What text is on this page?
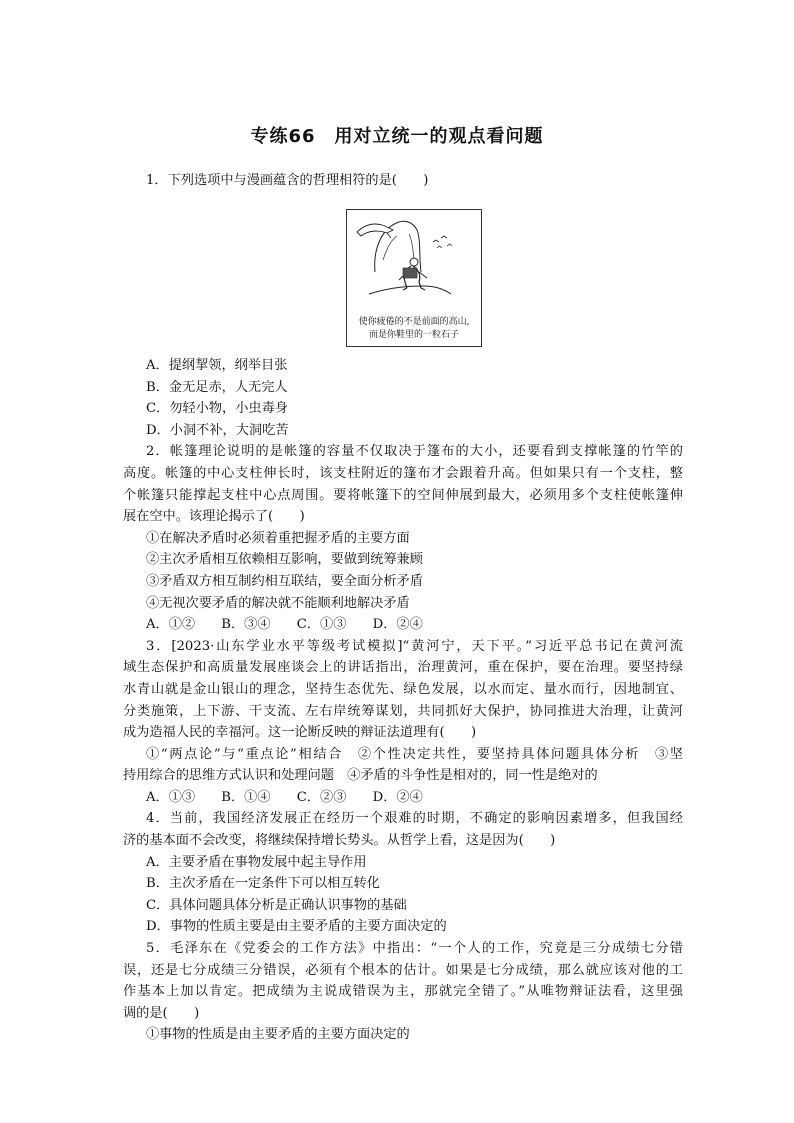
专练66　用对立统一的观点看问题
1．下列选项中与漫画蕴含的哲理相符的是(　　)
使你疲倦的不是前面的高山,
而是你鞋里的一粒石子
A．提纲挈领，纲举目张
B．金无足赤，人无完人
C．勿轻小物，小虫毒身
D．小洞不补，大洞吃苦
2．帐篷理论说明的是帐篷的容量不仅取决于篷布的大小，还要看到支撑帐篷的竹竿的
高度。帐篷的中心支柱伸长时，该支柱附近的篷布才会跟着升高。但如果只有一个支柱，整
个帐篷只能撑起支柱中心点周围。要将帐篷下的空间伸展到最大，必须用多个支柱使帐篷伸
展在空中。该理论揭示了(　　)
①在解决矛盾时必须着重把握矛盾的主要方面
②主次矛盾相互依赖相互影响，要做到统筹兼顾
③矛盾双方相互制约相互联结，要全面分析矛盾
④无视次要矛盾的解决就不能顺利地解决矛盾
A．①② B．③④ C．①③ D．②④
3．[2023·山东学业水平等级考试模拟]“黄河宁，天下平。”习近平总书记在黄河流
域生态保护和高质量发展座谈会上的讲话指出，治理黄河，重在保护，要在治理。要坚持绿
水青山就是金山银山的理念，坚持生态优先、绿色发展，以水而定、量水而行，因地制宜、
分类施策，上下游、干支流、左右岸统筹谋划，共同抓好大保护，协同推进大治理，让黄河
成为造福人民的幸福河。这一论断反映的辩证法道理有(　　)
①“两点论”与“重点论”相结合　②个性决定共性，要坚持具体问题具体分析　③坚
持用综合的思维方式认识和处理问题　④矛盾的斗争性是相对的，同一性是绝对的
A．①③ B．①④ C．②③ D．②④
4．当前，我国经济发展正在经历一个艰难的时期，不确定的影响因素增多，但我国经
济的基本面不会改变，将继续保持增长势头。从哲学上看，这是因为(　　)
A．主要矛盾在事物发展中起主导作用
B．主次矛盾在一定条件下可以相互转化
C．具体问题具体分析是正确认识事物的基础
D．事物的性质主要是由主要矛盾的主要方面决定的
5．毛泽东在《党委会的工作方法》中指出：“一个人的工作，究竟是三分成绩七分错
误，还是七分成绩三分错误，必须有个根本的估计。如果是七分成绩，那么就应该对他的工
作基本上加以肯定。把成绩为主说成错误为主，那就完全错了。”从唯物辩证法看，这里强
调的是(　　)
①事物的性质是由主要矛盾的主要方面决定的
